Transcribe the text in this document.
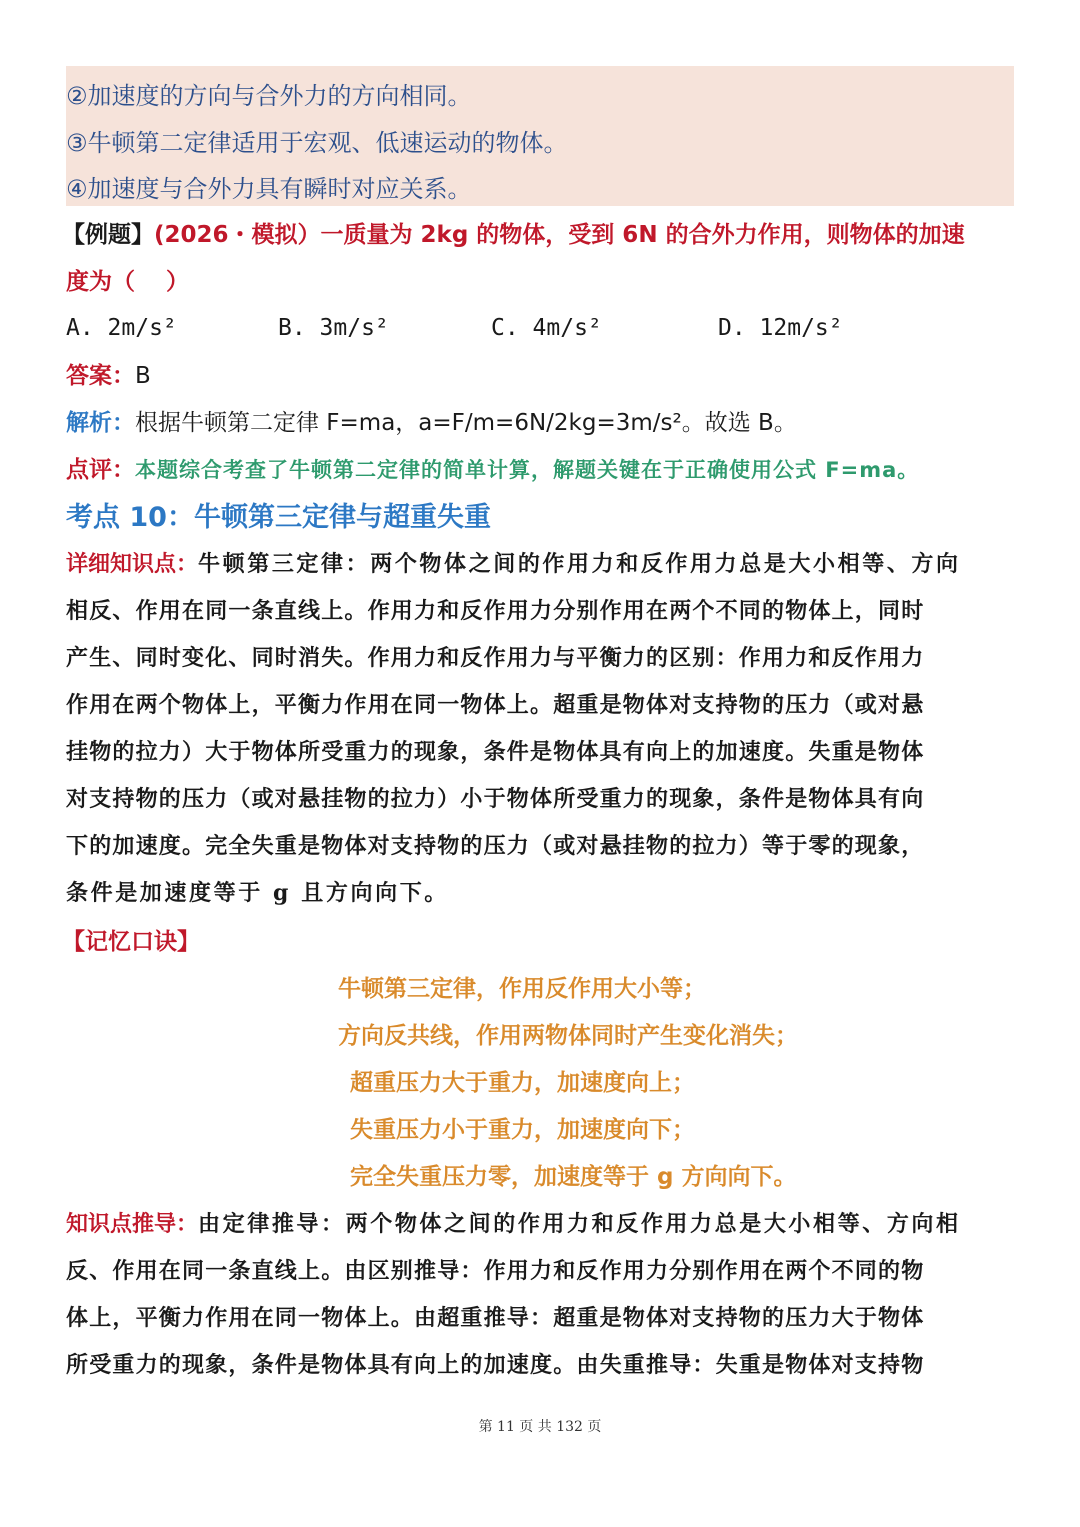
②加速度的方向与合外力的方向相同。
③牛顿第二定律适用于宏观、低速运动的物体。
④加速度与合外力具有瞬时对应关系。
【例题】(2026・模拟）一质量为 2kg 的物体，受到 6N 的合外力作用，则物体的加速
度为（　 ）
A. 2m/s²	B. 3m/s²	C. 4m/s²	D. 12m/s²
答案：B
解析：根据牛顿第二定律 F=ma，a=F/m=6N/2kg=3m/s²。故选 B。
点评：本题综合考查了牛顿第二定律的简单计算，解题关键在于正确使用公式 F=ma。
考点 10：牛顿第三定律与超重失重
详细知识点：牛顿第三定律：两个物体之间的作用力和反作用力总是大小相等、方向
相反、作用在同一条直线上。作用力和反作用力分别作用在两个不同的物体上，同时
产生、同时变化、同时消失。作用力和反作用力与平衡力的区别：作用力和反作用力
作用在两个物体上，平衡力作用在同一物体上。超重是物体对支持物的压力（或对悬
挂物的拉力）大于物体所受重力的现象，条件是物体具有向上的加速度。失重是物体
对支持物的压力（或对悬挂物的拉力）小于物体所受重力的现象，条件是物体具有向
下的加速度。完全失重是物体对支持物的压力（或对悬挂物的拉力）等于零的现象，
条件是加速度等于 g 且方向向下。
【记忆口诀】
牛顿第三定律，作用反作用大小等；
方向反共线，作用两物体同时产生变化消失；
超重压力大于重力，加速度向上；
失重压力小于重力，加速度向下；
完全失重压力零，加速度等于 g 方向向下。
知识点推导：由定律推导：两个物体之间的作用力和反作用力总是大小相等、方向相
反、作用在同一条直线上。由区别推导：作用力和反作用力分别作用在两个不同的物
体上，平衡力作用在同一物体上。由超重推导：超重是物体对支持物的压力大于物体
所受重力的现象，条件是物体具有向上的加速度。由失重推导：失重是物体对支持物
第 11 页 共 132 页
